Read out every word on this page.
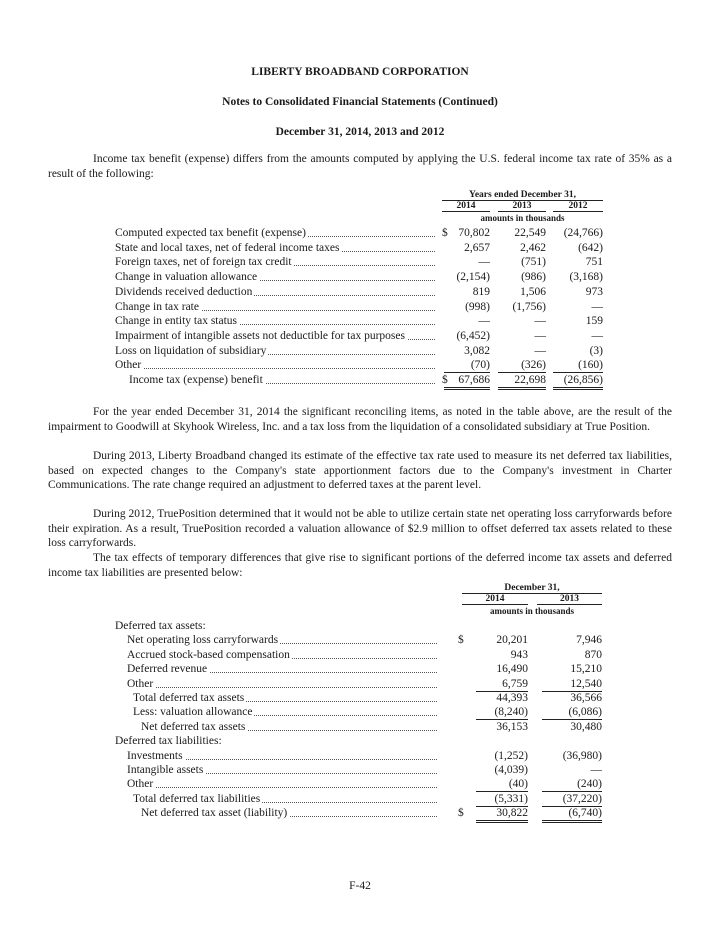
LIBERTY BROADBAND CORPORATION
Notes to Consolidated Financial Statements (Continued)
December 31, 2014, 2013 and 2012

Income tax benefit (expense) differs from the amounts computed by applying the U.S. federal income tax rate of 35% as a result of the following:

Years ended December 31,
2014	2013	2012
amounts in thousands
Computed expected tax benefit (expense)	$ 70,802	22,549	(24,766)
State and local taxes, net of federal income taxes	2,657	2,462	(642)
Foreign taxes, net of foreign tax credit	—	(751)	751
Change in valuation allowance	(2,154)	(986)	(3,168)
Dividends received deduction	819	1,506	973
Change in tax rate	(998)	(1,756)	—
Change in entity tax status	—	—	159
Impairment of intangible assets not deductible for tax purposes	(6,452)	—	—
Loss on liquidation of subsidiary	3,082	—	(3)
Other	(70)	(326)	(160)
Income tax (expense) benefit	$ 67,686	22,698	(26,856)

For the year ended December 31, 2014 the significant reconciling items, as noted in the table above, are the result of the impairment to Goodwill at Skyhook Wireless, Inc. and a tax loss from the liquidation of a consolidated subsidiary at True Position.

During 2013, Liberty Broadband changed its estimate of the effective tax rate used to measure its net deferred tax liabilities, based on expected changes to the Company's state apportionment factors due to the Company's investment in Charter Communications. The rate change required an adjustment to deferred taxes at the parent level.

During 2012, TruePosition determined that it would not be able to utilize certain state net operating loss carryforwards before their expiration. As a result, TruePosition recorded a valuation allowance of $2.9 million to offset deferred tax assets related to these loss carryforwards.

The tax effects of temporary differences that give rise to significant portions of the deferred income tax assets and deferred income tax liabilities are presented below:

December 31,
2014	2013
amounts in thousands
Deferred tax assets:
Net operating loss carryforwards	$	20,201	7,946
Accrued stock-based compensation	943	870
Deferred revenue	16,490	15,210
Other	6,759	12,540
Total deferred tax assets	44,393	36,566
Less: valuation allowance	(8,240)	(6,086)
Net deferred tax assets	36,153	30,480
Deferred tax liabilities:
Investments	(1,252)	(36,980)
Intangible assets	(4,039)	—
Other	(40)	(240)
Total deferred tax liabilities	(5,331)	(37,220)
Net deferred tax asset (liability)	$	30,822	(6,740)
F-42
